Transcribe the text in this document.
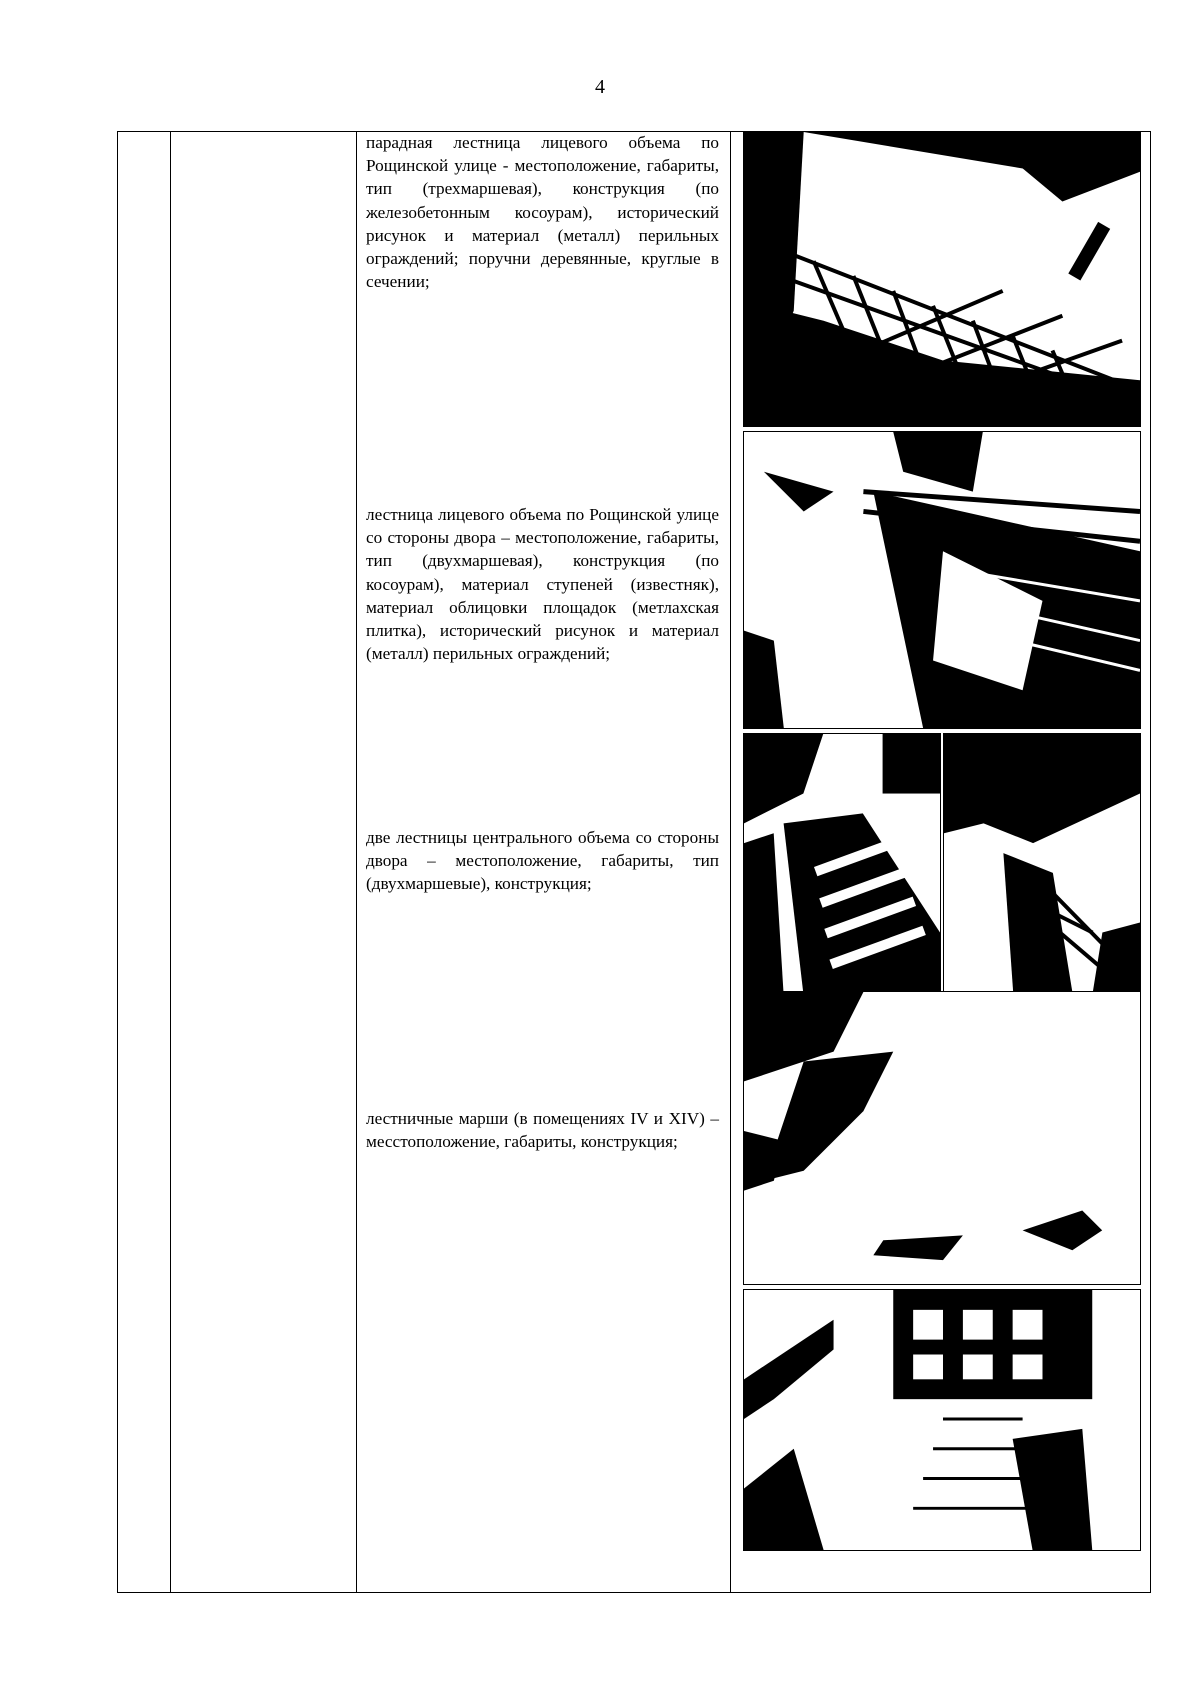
4
парадная лестница лицевого объема по Рощинской улице - местоположение, габариты, тип (трехмаршевая), конструкция (по железобетонным косоурам), исторический рисунок и материал (металл) перильных ограждений; поручни деревянные, круглые в сечении;
лестница лицевого объема по Рощинской улице со стороны двора – местоположение, габариты, тип (двухмаршевая), конструкция (по косоурам), материал ступеней (известняк), материал облицовки площадок (метлахская плитка), исторический рисунок и материал (металл) перильных ограждений;
две лестницы центрального объема со стороны двора – местоположение, габариты, тип (двухмаршевые), конструкция;
лестничные марши (в помещениях IV и XIV) – месстоположение, габариты, конструкция;
